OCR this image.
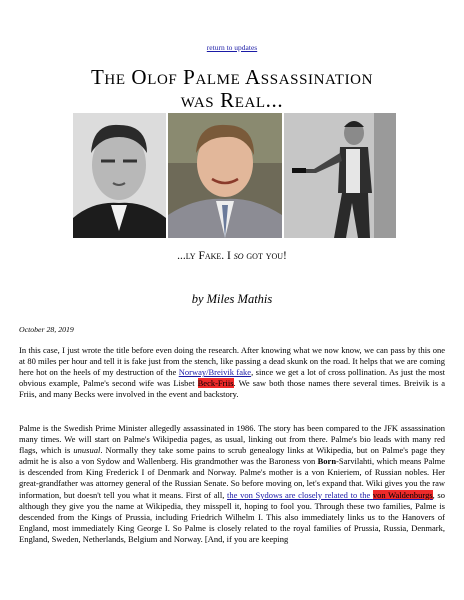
return to updates
The Olof Palme Assassination
was Real...
...ly Fake. I so got you!
by Miles Mathis
October 28, 2019

In this case, I just wrote the title before even doing the research. After knowing what we now know, we can pass by this one at 80 miles per hour and tell it is fake just from the stench, like passing a dead skunk on the road. It helps that we are coming here hot on the heels of my destruction of the Norway/Breivik fake, since we get a lot of cross pollination. As just the most obvious example, Palme's second wife was Lisbet Beck-Friis. We saw both those names there several times. Breivik is a Friis, and many Becks were involved in the event and backstory.

Palme is the Swedish Prime Minister allegedly assassinated in 1986. The story has been compared to the JFK assassination many times. We will start on Palme's Wikipedia pages, as usual, linking out from there. Palme's bio leads with many red flags, which is unusual. Normally they take some pains to scrub genealogy links at Wikipedia, but on Palme's page they admit he is also a von Sydow and Wallenberg. His grandmother was the Baroness von Born-Sarvilahti, which means Palme is descended from King Frederick I of Denmark and Norway. Palme's mother is a von Knieriem, of Russian nobles. Her great-grandfather was attorney general of the Russian Senate. So before moving on, let's expand that. Wiki gives you the raw information, but doesn't tell you what it means. First of all, the von Sydows are closely related to the von Waldenburgs, so although they give you the name at Wikipedia, they misspell it, hoping to fool you. Through these two families, Palme is descended from the Kings of Prussia, including Friedrich Wilhelm I. This also immediately links us to the Hanovers of England, most immediately King George I. So Palme is closely related to the royal families of Prussia, Russia, Denmark, England, Sweden, Netherlands, Belgium and Norway. [And, if you are keeping
